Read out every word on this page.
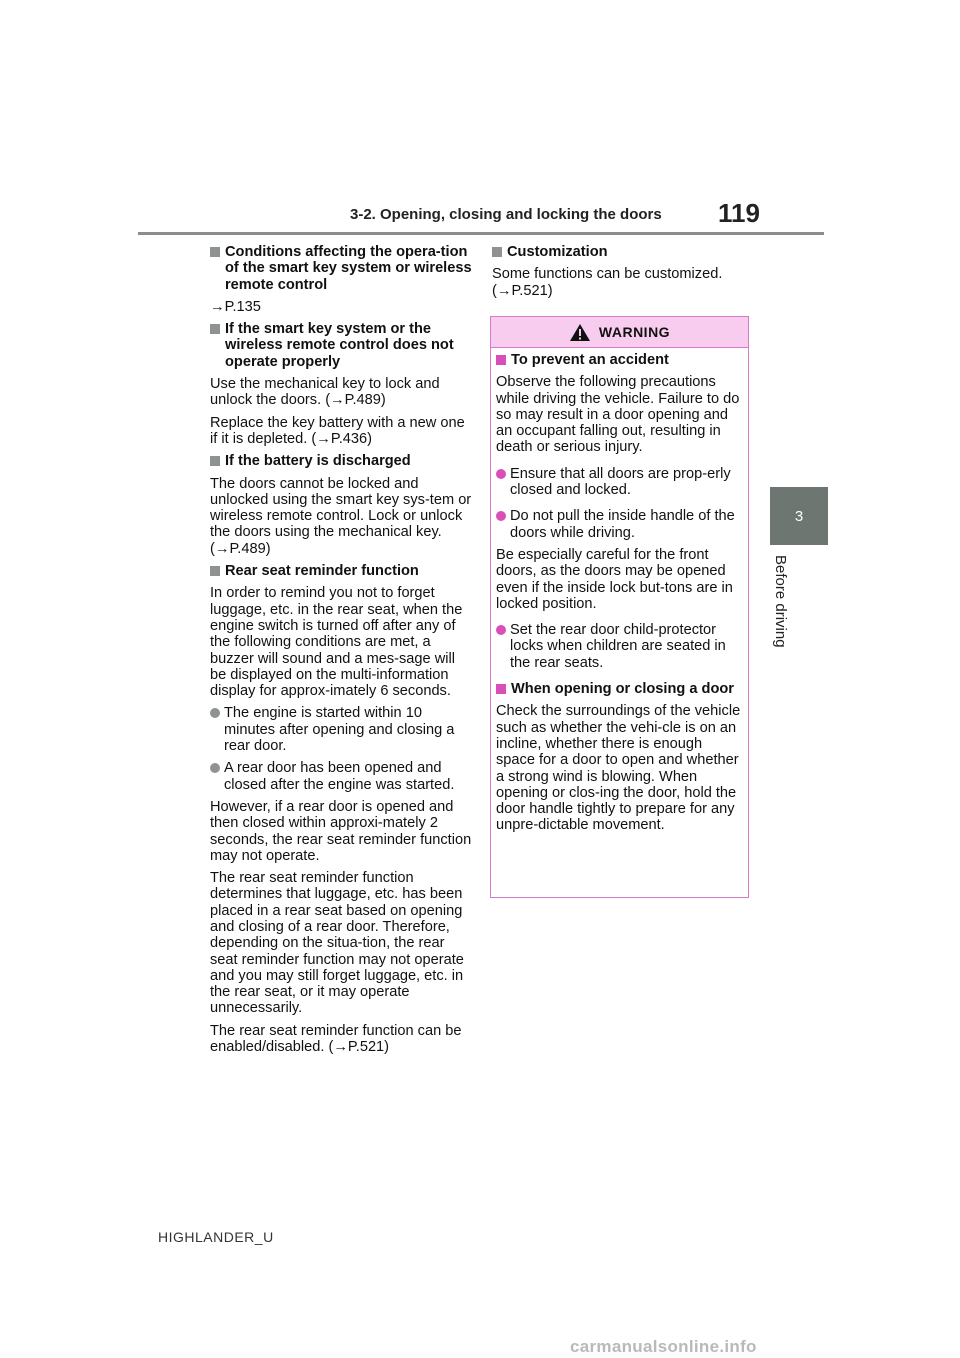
3-2. Opening, closing and locking the doors 119
3
Before driving
Conditions affecting the opera-tion of the smart key system or wireless remote control
→P.135
If the smart key system or the wireless remote control does not operate properly
Use the mechanical key to lock and unlock the doors. (→P.489)
Replace the key battery with a new one if it is depleted. (→P.436)
If the battery is discharged
The doors cannot be locked and unlocked using the smart key sys-tem or wireless remote control. Lock or unlock the doors using the mechanical key. (→P.489)
Rear seat reminder function
In order to remind you not to forget luggage, etc. in the rear seat, when the engine switch is turned off after any of the following conditions are met, a buzzer will sound and a mes-sage will be displayed on the multi-information display for approx-imately 6 seconds.
The engine is started within 10 minutes after opening and closing a rear door.
A rear door has been opened and closed after the engine was started.
However, if a rear door is opened and then closed within approxi-mately 2 seconds, the rear seat reminder function may not operate.
The rear seat reminder function determines that luggage, etc. has been placed in a rear seat based on opening and closing of a rear door. Therefore, depending on the situa-tion, the rear seat reminder function may not operate and you may still forget luggage, etc. in the rear seat, or it may operate unnecessarily.
The rear seat reminder function can be enabled/disabled. (→P.521)
Customization
Some functions can be customized. (→P.521)
WARNING
To prevent an accident
Observe the following precautions while driving the vehicle. Failure to do so may result in a door opening and an occupant falling out, resulting in death or serious injury.
Ensure that all doors are prop-erly closed and locked.
Do not pull the inside handle of the doors while driving.
Be especially careful for the front doors, as the doors may be opened even if the inside lock but-tons are in locked position.
Set the rear door child-protector locks when children are seated in the rear seats.
When opening or closing a door
Check the surroundings of the vehicle such as whether the vehi-cle is on an incline, whether there is enough space for a door to open and whether a strong wind is blowing. When opening or clos-ing the door, hold the door handle tightly to prepare for any unpre-dictable movement.
HIGHLANDER_U
carmanualsonline.info
